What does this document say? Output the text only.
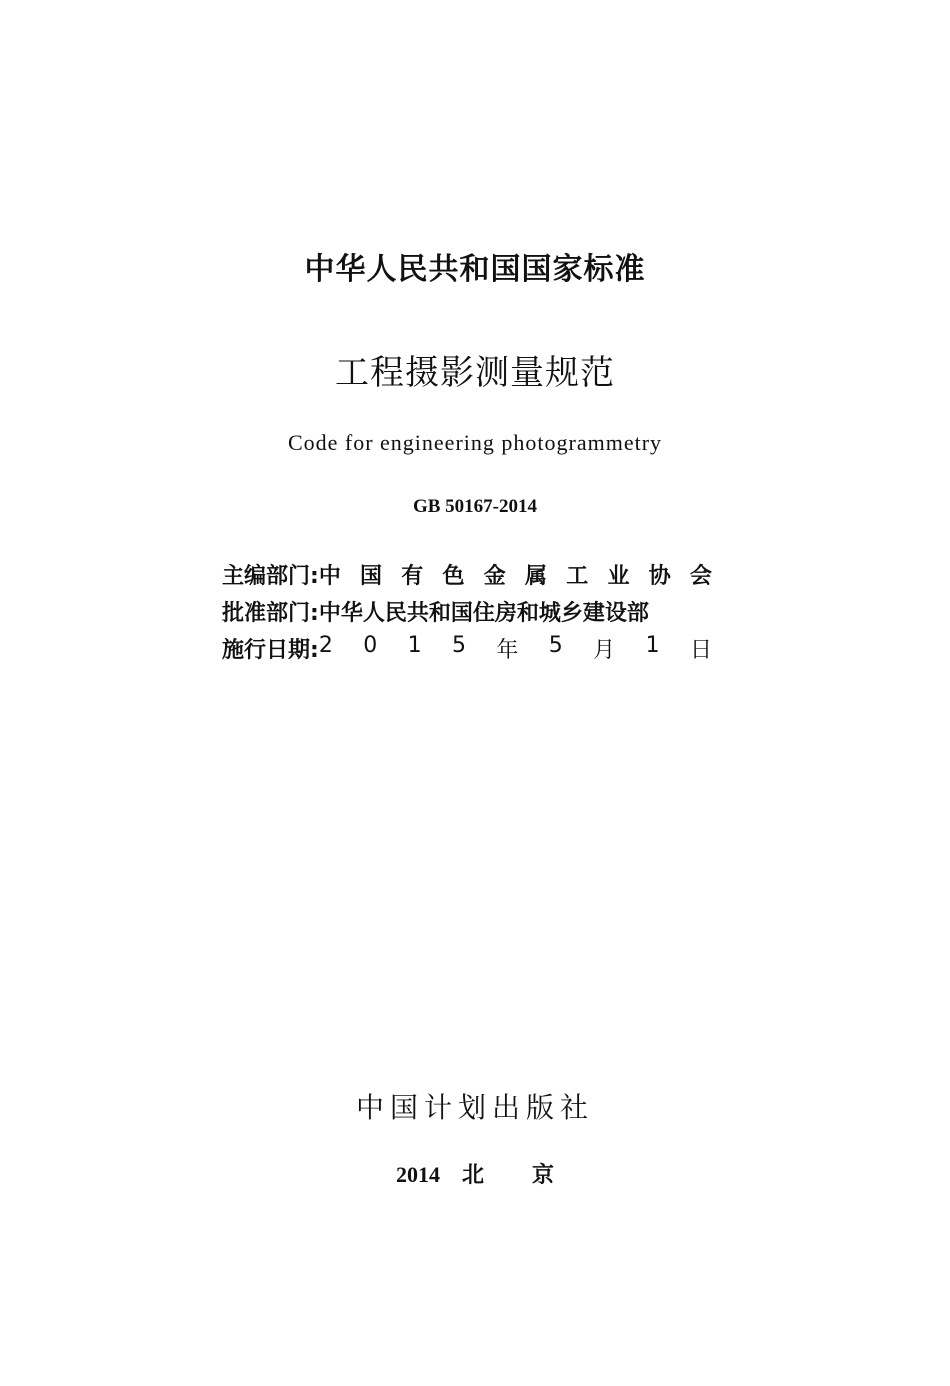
中华人民共和国国家标准
工程摄影测量规范
Code for engineering photogrammetry
GB 50167-2014
主编部门: 中 国 有 色 金 属 工 业 协 会
批准部门: 中华人民共和国住房和城乡建设部
施行日期: 2 0 1 5 年 5 月 1 日
中国计划出版社
2014 北 京
